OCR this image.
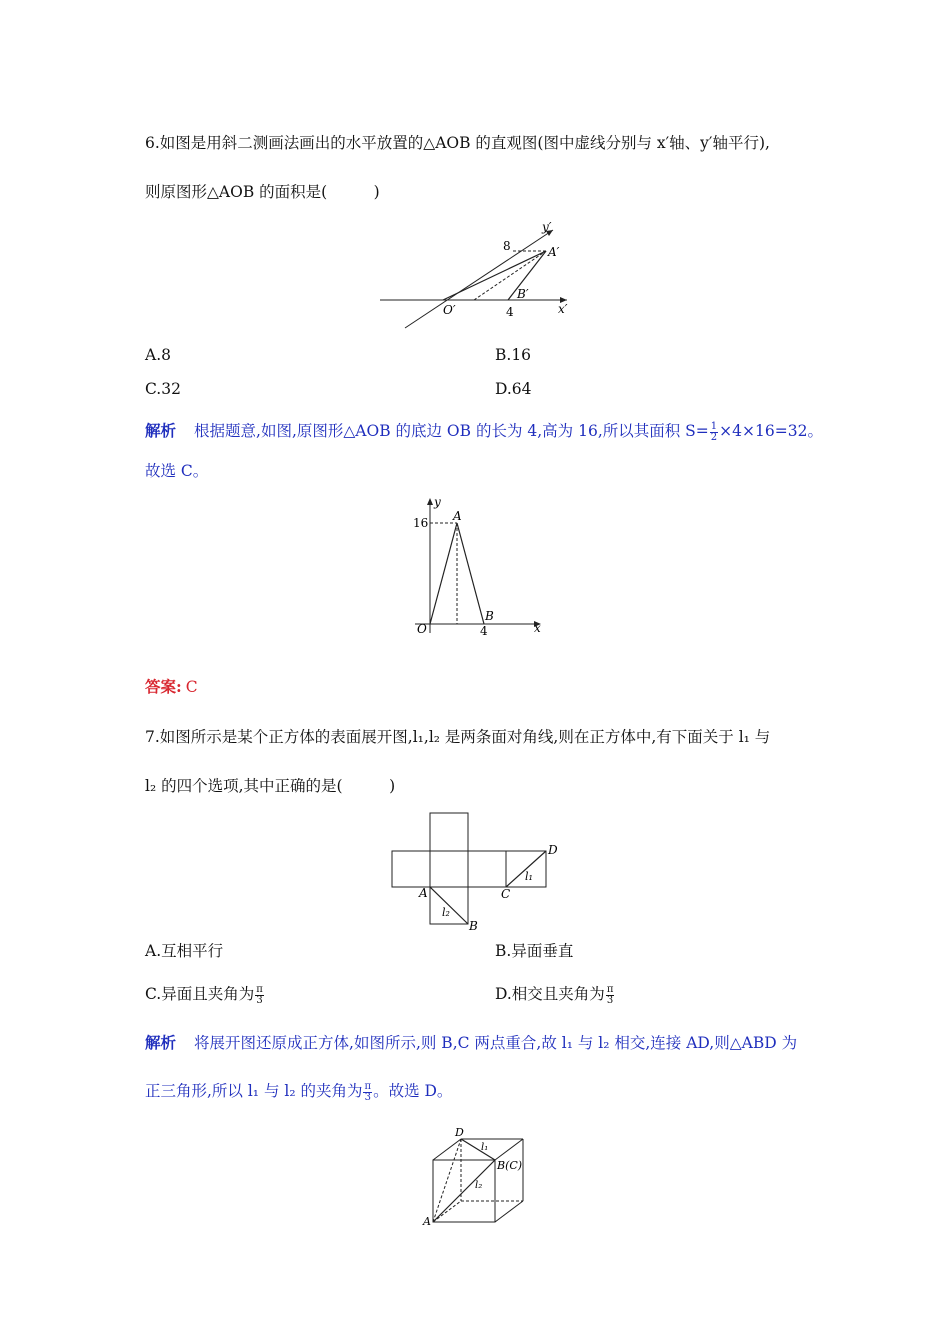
6.如图是用斜二测画法画出的水平放置的△AOB 的直观图(图中虚线分别与 x′轴、y′轴平行),
则原图形△AOB 的面积是(　　　)
8	A′
B′
O′	4	x′
y′
A.8	B.16
C.32	D.64
解析 根据题意,如图,原图形△AOB 的底边 OB 的长为 4,高为 16,所以其面积 $S= \frac{1}{2} \times 4\times 16=32$。
故选 C。
y
16 A
B
O	4	x
答案: C
7.如图所示是某个正方体的表面展开图,l₁,l₂ 是两条面对角线,则在正方体中,有下面关于 l₁ 与
l₂ 的四个选项,其中正确的是(　　　)
D
l₁
A	C
l₂
B
A.互相平行	B.异面垂直
C.异面且夹角为 $\frac{\pi}{3}$	D.相交且夹角为 $\frac{\pi}{3}$
解析 将展开图还原成正方体,如图所示,则 B,C 两点重合,故 l₁ 与 l₂ 相交,连接 AD,则△ABD 为
正三角形,所以 l₁ 与 l₂ 的夹角为 $\frac{\pi}{3}$ 。故选 D。
D
l₁
B(C)
l₂
A
